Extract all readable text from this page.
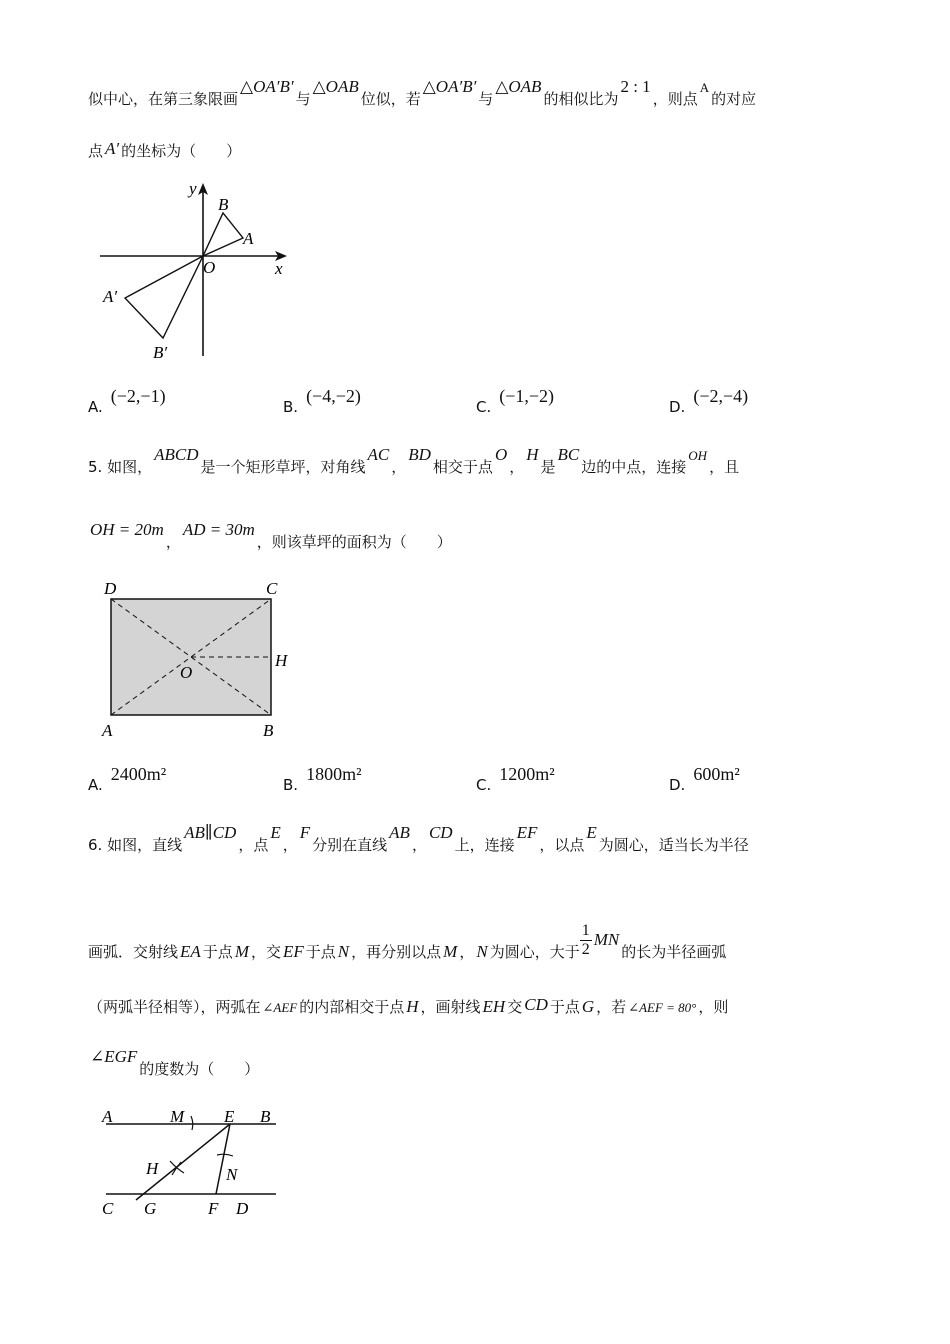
似中心，在第三象限画△OA′B′与△OAB位似，若△OA′B′与△OAB的相似比为2 : 1，则点A的对应
点 A′ 的坐标为（　　）
y
x
O
B
A
A′
B′
A.(−2,−1)
B.(−4,−2)
C.(−1,−2)
D.(−2,−4)
5. 如图，ABCD是一个矩形草坪，对角线AC，BD相交于点O，H是BC边的中点，连接OH，且
OH = 20m，AD = 30m，则该草坪的面积为（　　）
D	C
H
O
A	B
A.2400m²
B.1800m²
C.1200m²
D.600m²
6. 如图，直线AB∥CD，点E，F分别在直线AB，CD上，连接EF，以点E为圆心，适当长为半径
画弧．交射线 EA 于点 M ，交 EF 于点 N ，再分别以点 M ， N 为圆心，大于 $\frac{1}{2}$ MN的长为半径画弧
（两弧半径相等），两弧在 ∠AEF 的内部相交于点 H ，画射线 EH 交 CD 于点 G ，若 ∠AEF = 80° ，则
∠EGF的度数为（　　）
A	M E B
H	N
C G	F D
